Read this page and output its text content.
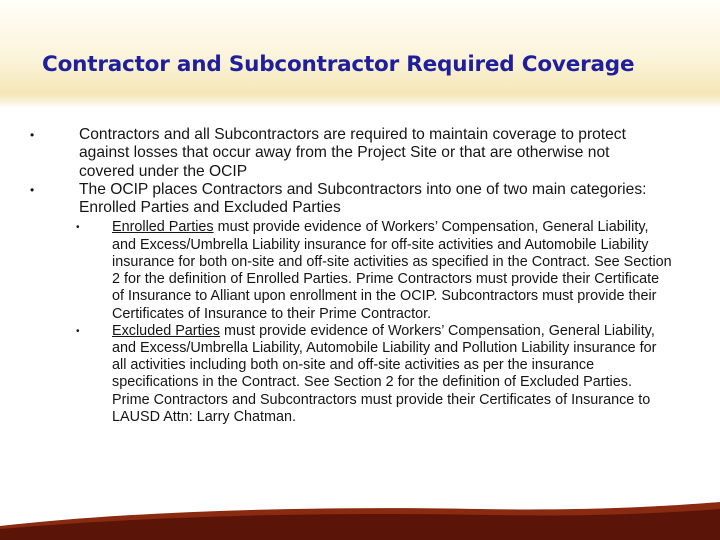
Contractor and Subcontractor Required Coverage
•	Contractors and all Subcontractors are required to maintain coverage to protect against losses that occur away from the Project Site or that are otherwise not covered under the OCIP
•	The OCIP places Contractors and Subcontractors into one of two main categories: Enrolled Parties and Excluded Parties
• Enrolled Parties must provide evidence of Workers’ Compensation, General Liability, and Excess/Umbrella Liability insurance for off-site activities and Automobile Liability insurance for both on-site and off-site activities as specified in the Contract. See Section 2 for the definition of Enrolled Parties. Prime Contractors must provide their Certificate of Insurance to Alliant upon enrollment in the OCIP. Subcontractors must provide their Certificates of Insurance to their Prime Contractor.
• Excluded Parties must provide evidence of Workers’ Compensation, General Liability, and Excess/Umbrella Liability, Automobile Liability and Pollution Liability insurance for all activities including both on-site and off-site activities as per the insurance specifications in the Contract. See Section 2 for the definition of Excluded Parties. Prime Contractors and Subcontractors must provide their Certificates of Insurance to LAUSD Attn: Larry Chatman.
